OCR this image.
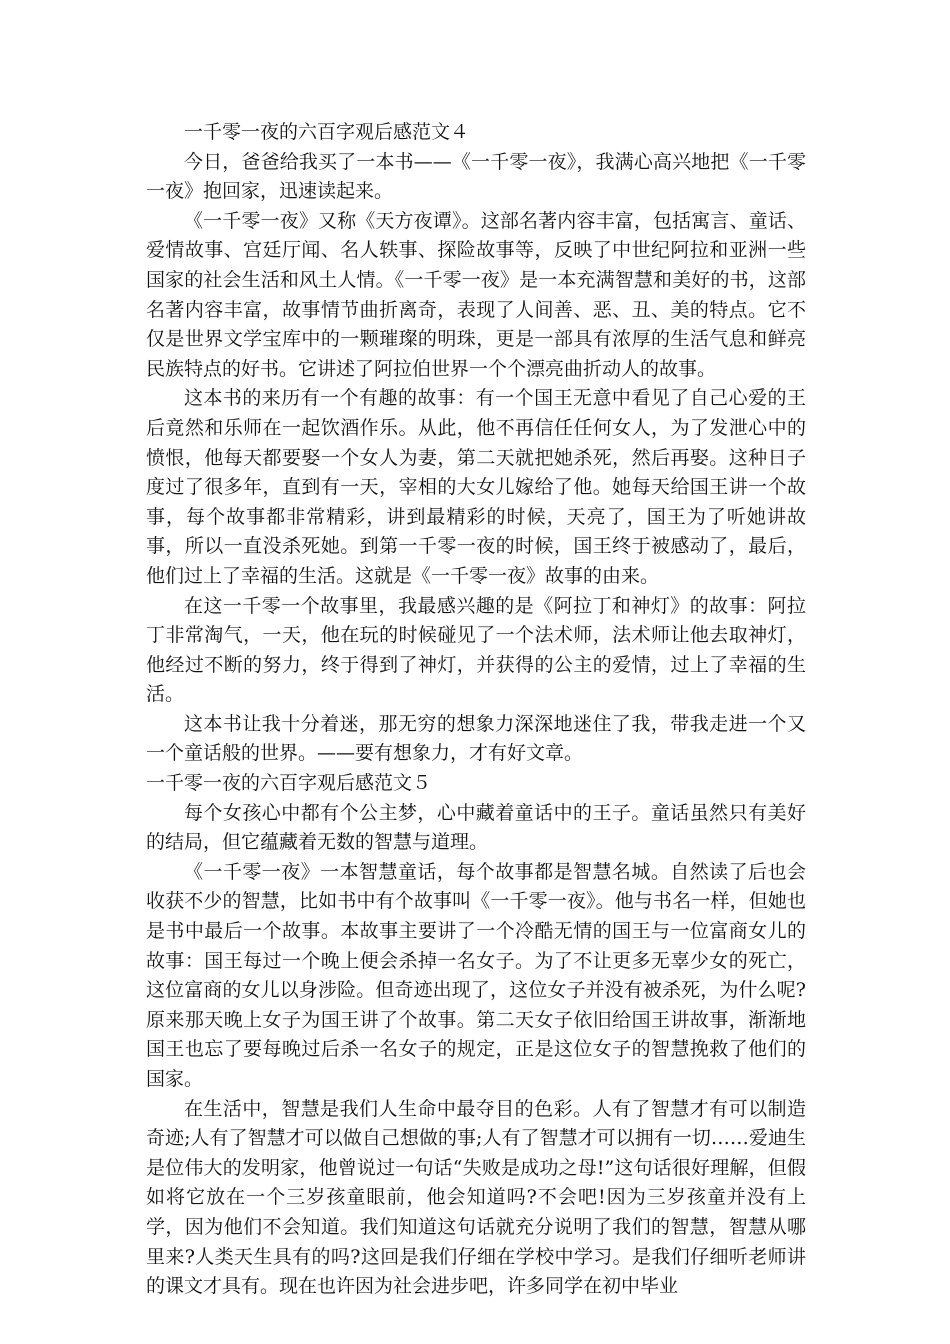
一千零一夜的六百字观后感范文４

今日，爸爸给我买了一本书——《一千零一夜》，我满心高兴地把《一千零一夜》抱回家，迅速读起来。

《一千零一夜》又称《天方夜谭》。这部名著内容丰富，包括寓言、童话、爱情故事、宫廷厅闻、名人轶事、探险故事等，反映了中世纪阿拉和亚洲一些国家的社会生活和风土人情。《一千零一夜》是一本充满智慧和美好的书，这部名著内容丰富，故事情节曲折离奇，表现了人间善、恶、丑、美的特点。它不仅是世界文学宝库中的一颗璀璨的明珠，更是一部具有浓厚的生活气息和鲜亮民族特点的好书。它讲述了阿拉伯世界一个个漂亮曲折动人的故事。

这本书的来历有一个有趣的故事：有一个国王无意中看见了自己心爱的王后竟然和乐师在一起饮酒作乐。从此，他不再信任任何女人，为了发泄心中的愤恨，他每天都要娶一个女人为妻，第二天就把她杀死，然后再娶。这种日子度过了很多年，直到有一天，宰相的大女儿嫁给了他。她每天给国王讲一个故事，每个故事都非常精彩，讲到最精彩的时候，天亮了，国王为了听她讲故事，所以一直没杀死她。到第一千零一夜的时候，国王终于被感动了，最后，他们过上了幸福的生活。这就是《一千零一夜》故事的由来。

在这一千零一个故事里，我最感兴趣的是《阿拉丁和神灯》的故事：阿拉丁非常淘气，一天，他在玩的时候碰见了一个法术师，法术师让他去取神灯，他经过不断的努力，终于得到了神灯，并获得的公主的爱情，过上了幸福的生活。

这本书让我十分着迷，那无穷的想象力深深地迷住了我，带我走进一个又一个童话般的世界。——要有想象力，才有好文章。

一千零一夜的六百字观后感范文５

每个女孩心中都有个公主梦，心中藏着童话中的王子。童话虽然只有美好的结局，但它蕴藏着无数的智慧与道理。

《一千零一夜》一本智慧童话，每个故事都是智慧名城。自然读了后也会收获不少的智慧，比如书中有个故事叫《一千零一夜》。他与书名一样，但她也是书中最后一个故事。本故事主要讲了一个冷酷无情的国王与一位富商女儿的故事：国王每过一个晚上便会杀掉一名女子。为了不让更多无辜少女的死亡，这位富商的女儿以身涉险。但奇迹出现了，这位女子并没有被杀死，为什么呢?原来那天晚上女子为国王讲了个故事。第二天女子依旧给国王讲故事，渐渐地国王也忘了要每晚过后杀一名女子的规定，正是这位女子的智慧挽救了他们的国家。

在生活中，智慧是我们人生命中最夺目的色彩。人有了智慧才有可以制造奇迹;人有了智慧才可以做自己想做的事;人有了智慧才可以拥有一切……爱迪生是位伟大的发明家，他曾说过一句话“失败是成功之母!”这句话很好理解，但假如将它放在一个三岁孩童眼前，他会知道吗?不会吧!因为三岁孩童并没有上学，因为他们不会知道。我们知道这句话就充分说明了我们的智慧，智慧从哪里来?人类天生具有的吗?这回是我们仔细在学校中学习。是我们仔细听老师讲的课文才具有。现在也许因为社会进步吧，许多同学在初中毕业
